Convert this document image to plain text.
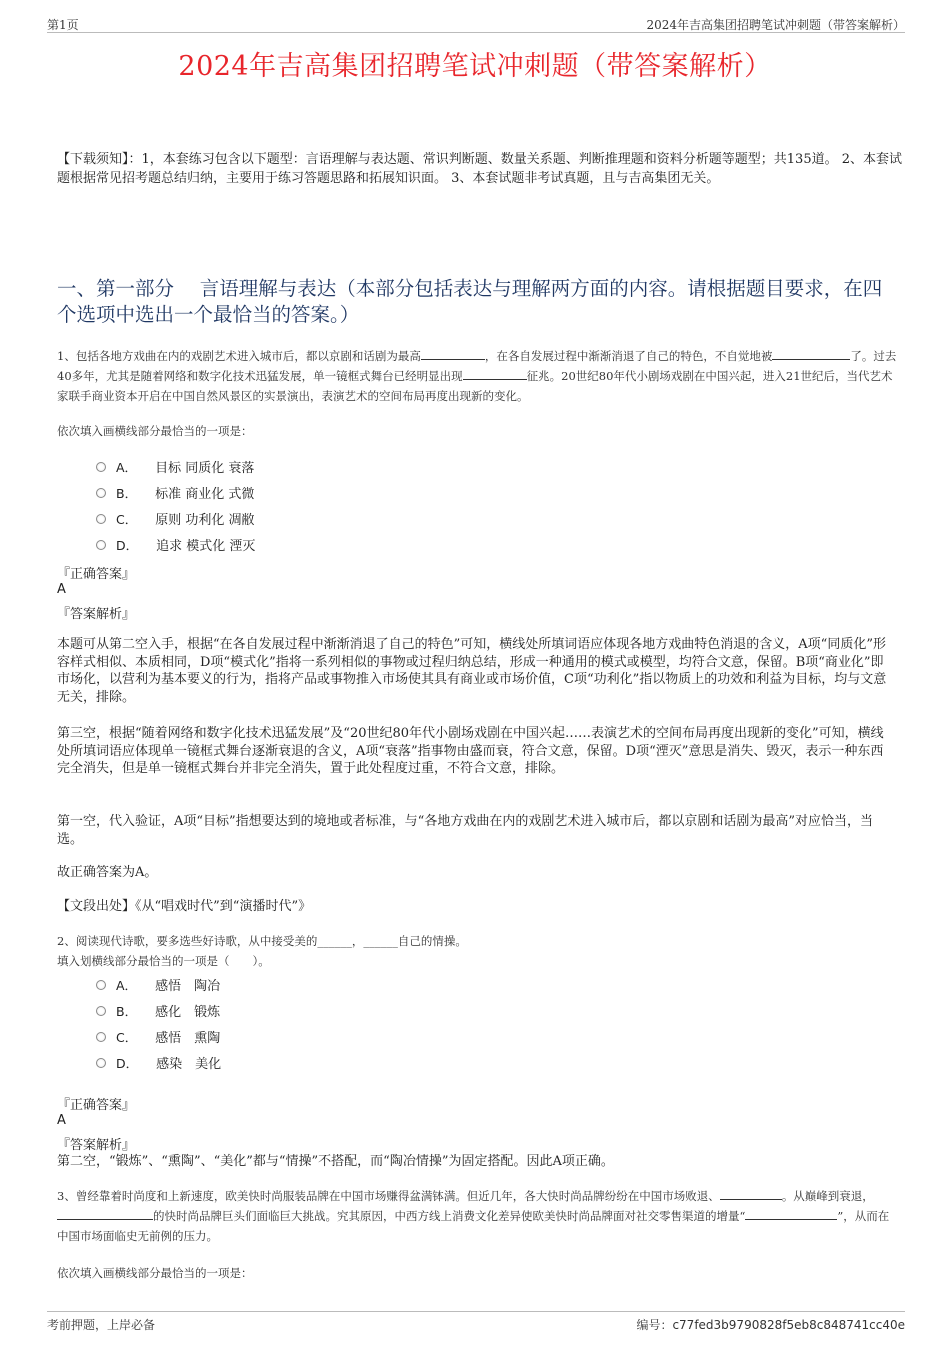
第1页	2024年吉高集团招聘笔试冲刺题（带答案解析）
2024年吉高集团招聘笔试冲刺题（带答案解析）
【下载须知】：1，本套练习包含以下题型：言语理解与表达题、常识判断题、数量关系题、判断推理题和资料分析题等题型；共135道。 2、本套试题根据常见招考题总结归纳，主要用于练习答题思路和拓展知识面。 3、本套试题非考试真题，且与吉高集团无关。
一、第一部分　 言语理解与表达（本部分包括表达与理解两方面的内容。请根据题目要求，在四个选项中选出一个最恰当的答案。）
1、包括各地方戏曲在内的戏剧艺术进入城市后，都以京剧和话剧为最高	，在各自发展过程中渐渐消退了自己的特色，不自觉地被	了。过去40多年，尤其是随着网络和数字化技术迅猛发展，单一镜框式舞台已经明显出现	征兆。20世纪80年代小剧场戏剧在中国兴起，进入21世纪后，当代艺术家联手商业资本开启在中国自然风景区的实景演出，表演艺术的空间布局再度出现新的变化。
依次填入画横线部分最恰当的一项是：
A． 目标 同质化 衰落
B． 标准 商业化 式微
C． 原则 功利化 凋敝
D． 追求 模式化 湮灭
『正确答案』
A
『答案解析』
本题可从第二空入手，根据“在各自发展过程中渐渐消退了自己的特色”可知，横线处所填词语应体现各地方戏曲特色消退的含义，A项“同质化”形容样式相似、本质相同，D项“模式化”指将一系列相似的事物或过程归纳总结，形成一种通用的模式或模型，均符合文意，保留。B项“商业化”即市场化，以营利为基本要义的行为，指将产品或事物推入市场使其具有商业或市场价值，C项“功利化”指以物质上的功效和利益为目标，均与文意无关，排除。
第三空，根据“随着网络和数字化技术迅猛发展”及“20世纪80年代小剧场戏剧在中国兴起……表演艺术的空间布局再度出现新的变化”可知，横线处所填词语应体现单一镜框式舞台逐渐衰退的含义，A项“衰落”指事物由盛而衰，符合文意，保留。D项“湮灭”意思是消失、毁灭，表示一种东西完全消失，但是单一镜框式舞台并非完全消失，置于此处程度过重，不符合文意，排除。
第一空，代入验证，A项“目标”指想要达到的境地或者标准，与“各地方戏曲在内的戏剧艺术进入城市后，都以京剧和话剧为最高”对应恰当，当选。
故正确答案为A。
【文段出处】《从“唱戏时代”到“演播时代”》
2、阅读现代诗歌，要多选些好诗歌，从中接受美的______，______自己的情操。
填入划横线部分最恰当的一项是（　　）。
A． 感悟　陶冶
B． 感化　锻炼
C． 感悟　熏陶
D． 感染　美化
『正确答案』
A
『答案解析』
第二空，“锻炼”、“熏陶”、“美化”都与“情操”不搭配，而“陶冶情操”为固定搭配。因此A项正确。
3、曾经靠着时尚度和上新速度，欧美快时尚服装品牌在中国市场赚得盆满钵满。但近几年，各大快时尚品牌纷纷在中国市场败退、	。从巅峰到衰退，的快时尚品牌巨头们面临巨大挑战。究其原因，中西方线上消费文化差异使欧美快时尚品牌面对社交零售渠道的增量“	”，从而在中国市场面临史无前例的压力。
依次填入画横线部分最恰当的一项是：
考前押题，上岸必备	编号：c77fed3b9790828f5eb8c848741cc40e
